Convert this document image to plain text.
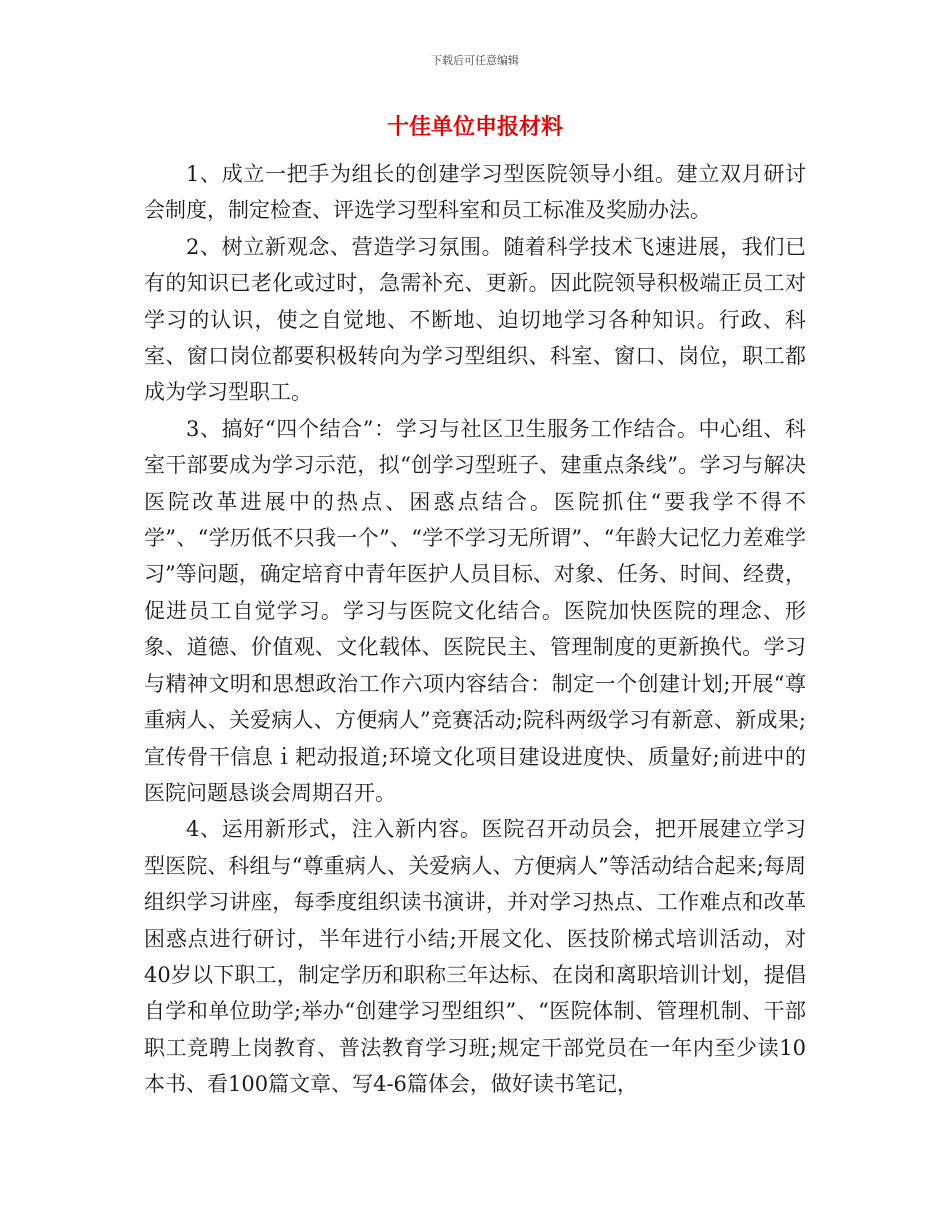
下载后可任意编辑
十佳单位申报材料

1、成立一把手为组长的创建学习型医院领导小组。建立双月研讨会制度，制定检查、评选学习型科室和员工标准及奖励办法。

2、树立新观念、营造学习氛围。随着科学技术飞速进展，我们已有的知识已老化或过时，急需补充、更新。因此院领导积极端正员工对学习的认识，使之自觉地、不断地、迫切地学习各种知识。行政、科室、窗口岗位都要积极转向为学习型组织、科室、窗口、岗位，职工都成为学习型职工。

3、搞好“四个结合”：学习与社区卫生服务工作结合。中心组、科室干部要成为学习示范，拟“创学习型班子、建重点条线”。学习与解决医院改革进展中的热点、困惑点结合。医院抓住“要我学不得不学”、“学历低不只我一个”、“学不学习无所谓”、“年龄大记忆力差难学习”等问题，确定培育中青年医护人员目标、对象、任务、时间、经费，促进员工自觉学习。学习与医院文化结合。医院加快医院的理念、形象、道德、价值观、文化载体、医院民主、管理制度的更新换代。学习与精神文明和思想政治工作六项内容结合：制定一个创建计划;开展“尊重病人、关爱病人、方便病人”竞赛活动;院科两级学习有新意、新成果;宣传骨干信息ｉ耙动报道;环境文化项目建设进度快、质量好;前进中的医院问题恳谈会周期召开。

4、运用新形式，注入新内容。医院召开动员会，把开展建立学习型医院、科组与“尊重病人、关爱病人、方便病人”等活动结合起来;每周组织学习讲座，每季度组织读书演讲，并对学习热点、工作难点和改革困惑点进行研讨，半年进行小结;开展文化、医技阶梯式培训活动，对40岁以下职工，制定学历和职称三年达标、在岗和离职培训计划，提倡自学和单位助学;举办“创建学习型组织”、“医院体制、管理机制、干部职工竞聘上岗教育、普法教育学习班;规定干部党员在一年内至少读10本书、看100篇文章、写4-6篇体会，做好读书笔记，
